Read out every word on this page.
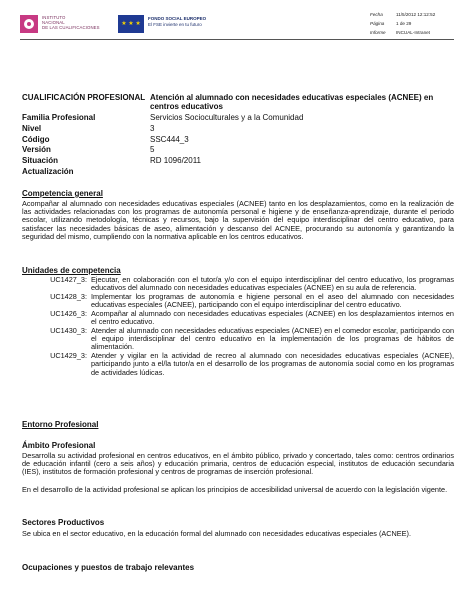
INSTITUTO
NACIONAL
DE LAS CUALIFICACIONES
★ ★ ★
FONDO SOCIAL EUROPEO
El FSE invierte en tu futuro
Fecha	11/5/2012 12:12:52
Página	1 de 29
Informe INCUAL-Intranet
CUALIFICACIÓN PROFESIONAL Atención al alumnado con necesidades educativas especiales (ACNEE) en centros educativos
Familia Profesional	Servicios Socioculturales y a la Comunidad
Nivel	3
Código	SSC444_3
Versión	5
Situación	RD 1096/2011
Actualización
Competencia general
Acompañar al alumnado con necesidades educativas especiales (ACNEE) tanto en los desplazamientos, como en la realización de las actividades relacionadas con los programas de autonomía personal e higiene y de enseñanza-aprendizaje, durante el periodo escolar, utilizando metodología, técnicas y recursos, bajo la supervisión del equipo interdisciplinar del centro educativo, para satisfacer las necesidades básicas de aseo, alimentación y descanso del ACNEE, procurando su autonomía y garantizando la seguridad del mismo, cumpliendo con la normativa aplicable en los centros educativos.
Unidades de competencia
UC1427_3: Ejecutar, en colaboración con el tutor/a y/o con el equipo interdisciplinar del centro educativo, los programas educativos del alumnado con necesidades educativas especiales (ACNEE) en su aula de referencia.
UC1428_3: Implementar los programas de autonomía e higiene personal en el aseo del alumnado con necesidades educativas especiales (ACNEE), participando con el equipo interdisciplinar del centro educativo.
UC1426_3: Acompañar al alumnado con necesidades educativas especiales (ACNEE) en los desplazamientos internos en el centro educativo.
UC1430_3: Atender al alumnado con necesidades educativas especiales (ACNEE) en el comedor escolar, participando con el equipo interdisciplinar del centro educativo en la implementación de los programas de hábitos de alimentación.
UC1429_3: Atender y vigilar en la actividad de recreo al alumnado con necesidades educativas especiales (ACNEE), participando junto a el/la tutor/a en el desarrollo de los programas de autonomía social como en los programas de actividades lúdicas.
Entorno Profesional
Ámbito Profesional
Desarrolla su actividad profesional en centros educativos, en el ámbito público, privado y concertado, tales como: centros ordinarios de educación infantil (cero a seis años) y educación primaria, centros de educación especial, institutos de educación secundaria (IES), institutos de formación profesional y centros de programas de inserción profesional.
En el desarrollo de la actividad profesional se aplican los principios de accesibilidad universal de acuerdo con la legislación vigente.
Sectores Productivos
Se ubica en el sector educativo, en la educación formal del alumnado con necesidades educativas especiales (ACNEE).
Ocupaciones y puestos de trabajo relevantes
